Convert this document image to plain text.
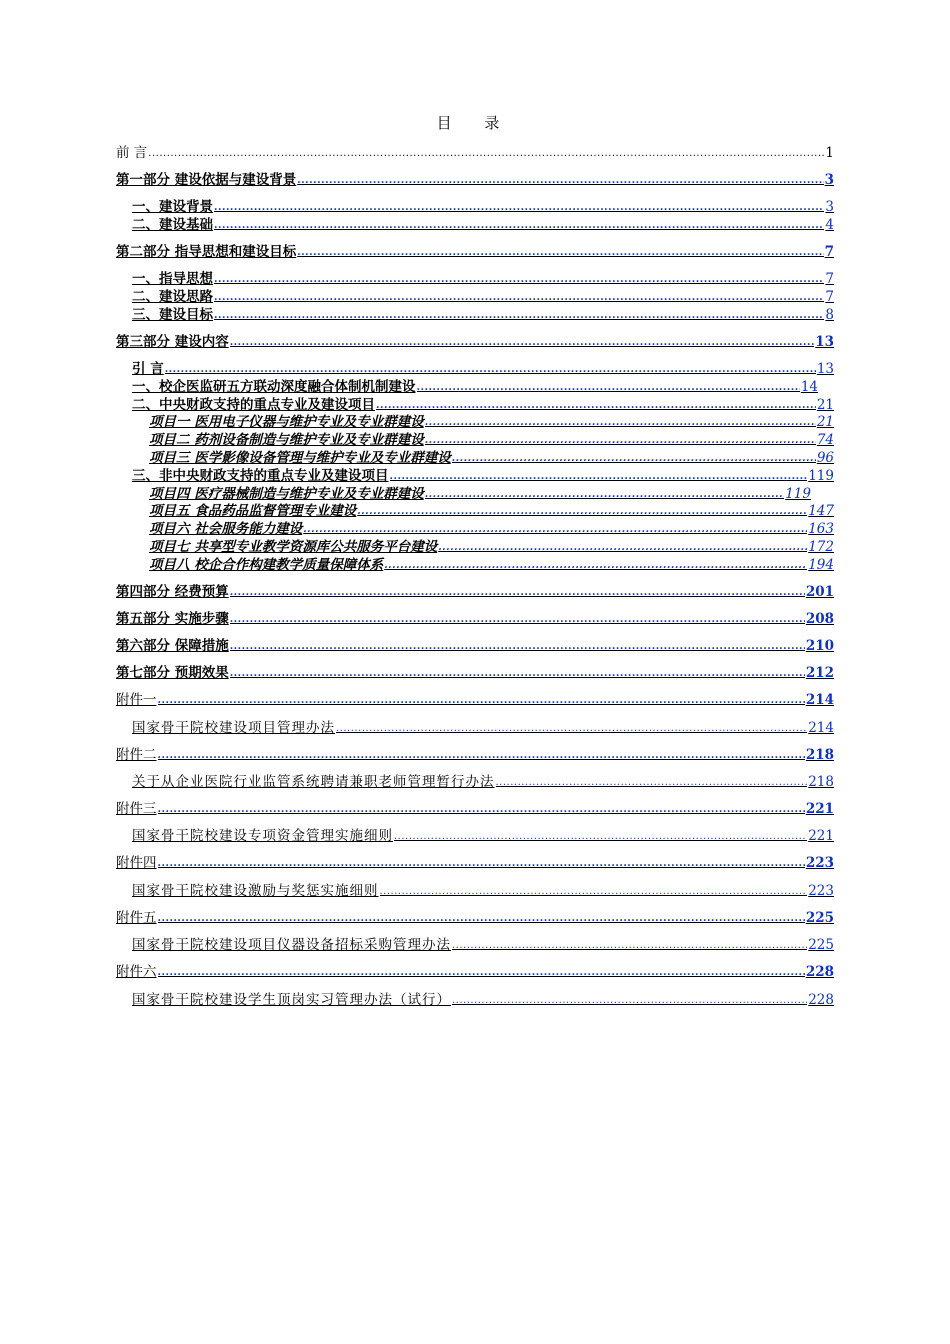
目 录
前 言 .....	1
第一部分 建设依据与建设背景 .....	3
一、建设背景 .....	3
二、建设基础 .....	4
第二部分 指导思想和建设目标 .....	7
一、指导思想 .....	7
二、建设思路 .....	7
三、建设目标 .....	8
第三部分 建设内容 .....	13
引 言 .....	13
一、校企医监研五方联动深度融合体制机制建设 .....	14
二、中央财政支持的重点专业及建设项目 .....	21
项目一 医用电子仪器与维护专业及专业群建设 .....	21
项目二 药剂设备制造与维护专业及专业群建设 .....	74
项目三 医学影像设备管理与维护专业及专业群建设 .....	96
三、非中央财政支持的重点专业及建设项目 .....	119
项目四 医疗器械制造与维护专业及专业群建设 .....	119
项目五 食品药品监督管理专业建设 .....	147
项目六 社会服务能力建设 .....	163
项目七 共享型专业教学资源库公共服务平台建设 .....	172
项目八 校企合作构建教学质量保障体系 .....	194
第四部分 经费预算 .....	201
第五部分 实施步骤 .....	208
第六部分 保障措施 .....	210
第七部分 预期效果 .....	212
附件一 .....	214
国家骨干院校建设项目管理办法 .....	214
附件二 .....	218
关于从企业医院行业监管系统聘请兼职老师管理暂行办法 .....	218
附件三 .....	221
国家骨干院校建设专项资金管理实施细则 .....	221
附件四 .....	223
国家骨干院校建设激励与奖惩实施细则 .....	223
附件五 .....	225
国家骨干院校建设项目仪器设备招标采购管理办法 .....	225
附件六 .....	228
国家骨干院校建设学生顶岗实习管理办法（试行） .....	228
